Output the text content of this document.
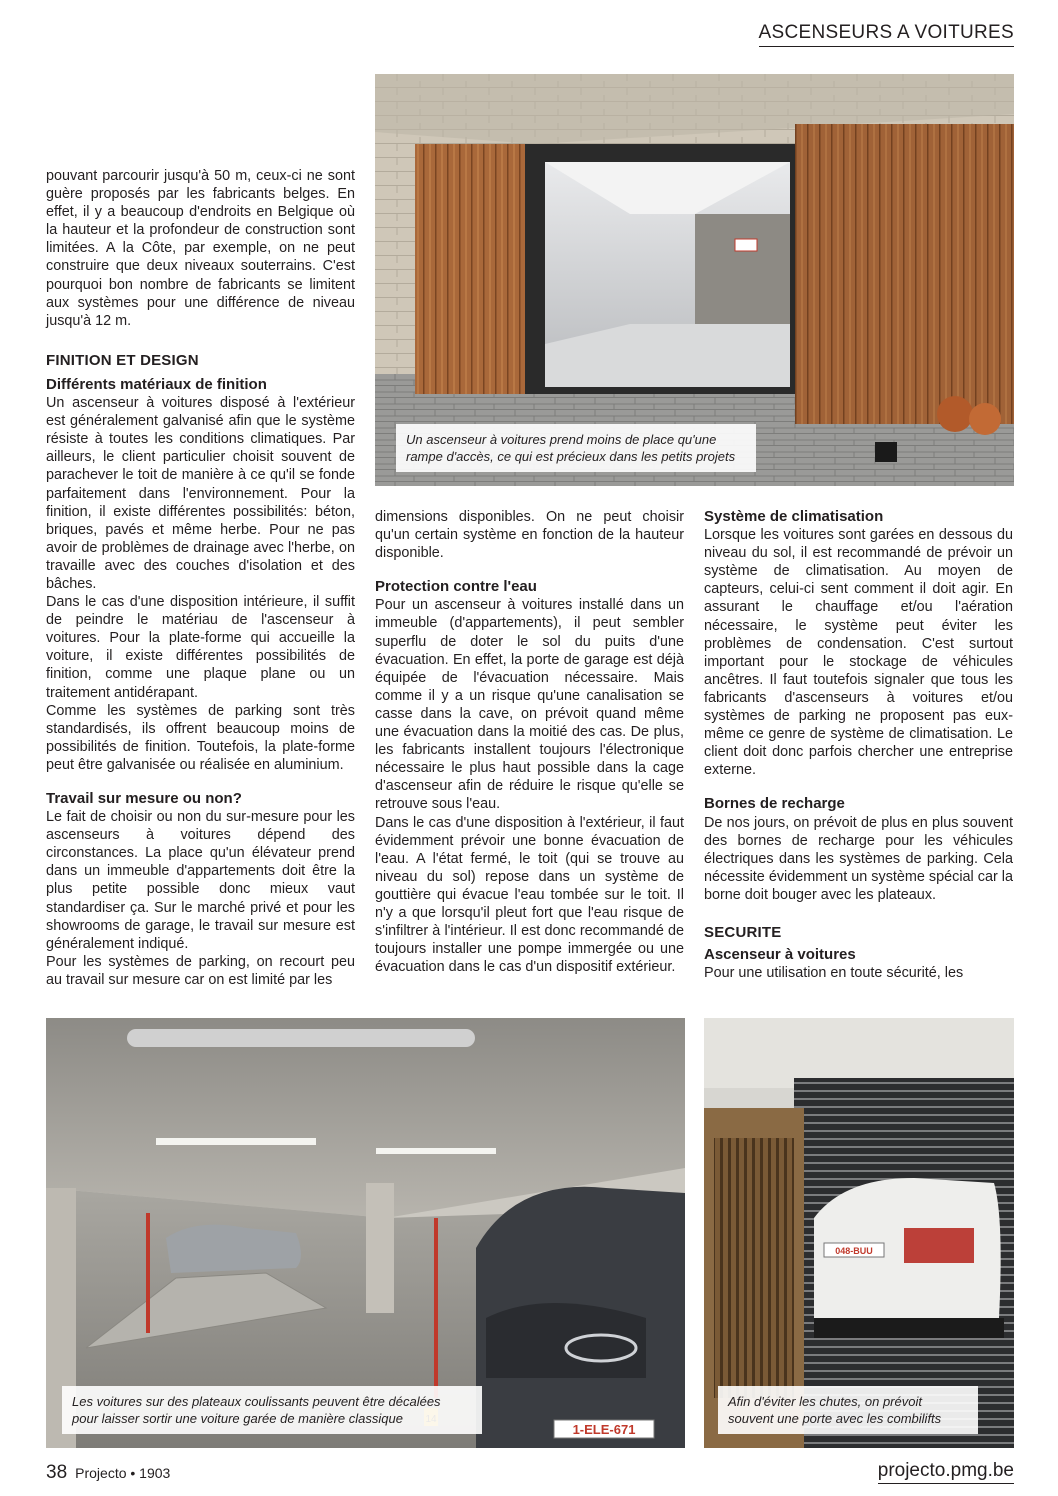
ASCENSEURS A VOITURES
Un ascenseur à voitures prend moins de place qu'une
rampe d'accès, ce qui est précieux dans les petits projets

pouvant parcourir jusqu'à 50 m, ceux-ci ne sont guère proposés par les fabricants belges. En effet, il y a beaucoup d'endroits en Belgique où la hauteur et la profondeur de construction sont limitées. A la Côte, par exemple, on ne peut construire que deux niveaux souterrains. C'est pourquoi bon nombre de fabricants se limitent aux systèmes pour une différence de niveau jusqu'à 12 m.

FINITION ET DESIGN
Différents matériaux de finition

Un ascenseur à voitures disposé à l'extérieur est généralement galvanisé afin que le système résiste à toutes les conditions climatiques. Par ailleurs, le client particulier choisit souvent de parachever le toit de manière à ce qu'il se fonde parfaitement dans l'environnement. Pour la finition, il existe différentes possibilités: béton, briques, pavés et même herbe. Pour ne pas avoir de problèmes de drainage avec l'herbe, on travaille avec des couches d'isolation et des bâches.

Dans le cas d'une disposition intérieure, il suffit de peindre le matériau de l'ascenseur à voitures. Pour la plate-forme qui accueille la voiture, il existe différentes possibilités de finition, comme une plaque plane ou un traitement antidérapant.

Comme les systèmes de parking sont très standardisés, ils offrent beaucoup moins de possibilités de finition. Toutefois, la plate-forme peut être galvanisée ou réalisée en aluminium.

Travail sur mesure ou non?

Le fait de choisir ou non du sur-mesure pour les ascenseurs à voitures dépend des circonstances. La place qu'un élévateur prend dans un immeuble d'appartements doit être la plus petite possible donc mieux vaut standardiser ça. Sur le marché privé et pour les showrooms de garage, le travail sur mesure est généralement indiqué.

Pour les systèmes de parking, on recourt peu au travail sur mesure car on est limité par les

dimensions disponibles. On ne peut choisir qu'un certain système en fonction de la hauteur disponible.

Protection contre l'eau

Pour un ascenseur à voitures installé dans un immeuble (d'appartements), il peut sembler superflu de doter le sol du puits d'une évacuation. En effet, la porte de garage est déjà équipée de l'évacuation nécessaire. Mais comme il y a un risque qu'une canalisation se casse dans la cave, on prévoit quand même une évacuation dans la moitié des cas. De plus, les fabricants installent toujours l'électronique nécessaire le plus haut possible dans la cage d'ascenseur afin de réduire le risque qu'elle se retrouve sous l'eau.

Dans le cas d'une disposition à l'extérieur, il faut évidemment prévoir une bonne évacuation de l'eau. A l'état fermé, le toit (qui se trouve au niveau du sol) repose dans un système de gouttière qui évacue l'eau tombée sur le toit. Il n'y a que lorsqu'il pleut fort que l'eau risque de s'infiltrer à l'intérieur. Il est donc recommandé de toujours installer une pompe immergée ou une évacuation dans le cas d'un dispositif extérieur.

Système de climatisation

Lorsque les voitures sont garées en dessous du niveau du sol, il est recommandé de prévoir un système de climatisation. Au moyen de capteurs, celui-ci sent comment il doit agir. En assurant le chauffage et/ou l'aération nécessaire, le système peut éviter les problèmes de condensation. C'est surtout important pour le stockage de véhicules ancêtres. Il faut toutefois signaler que tous les fabricants d'ascenseurs à voitures et/ou systèmes de parking ne proposent pas eux-même ce genre de système de climatisation. Le client doit donc parfois chercher une entreprise externe.

Bornes de recharge

De nos jours, on prévoit de plus en plus souvent des bornes de recharge pour les véhicules électriques dans les systèmes de parking. Cela nécessite évidemment un système spécial car la borne doit bouger avec les plateaux.

SECURITE
Ascenseur à voitures

Pour une utilisation en toute sécurité, les

1-ELE-671
Les voitures sur des plateaux coulissants peuvent être décalées
pour laisser sortir une voiture garée de manière classique
048-BUU
Afin d'éviter les chutes, on prévoit
souvent une porte avec les combilifts
38 Projecto • 1903	projecto.pmg.be
